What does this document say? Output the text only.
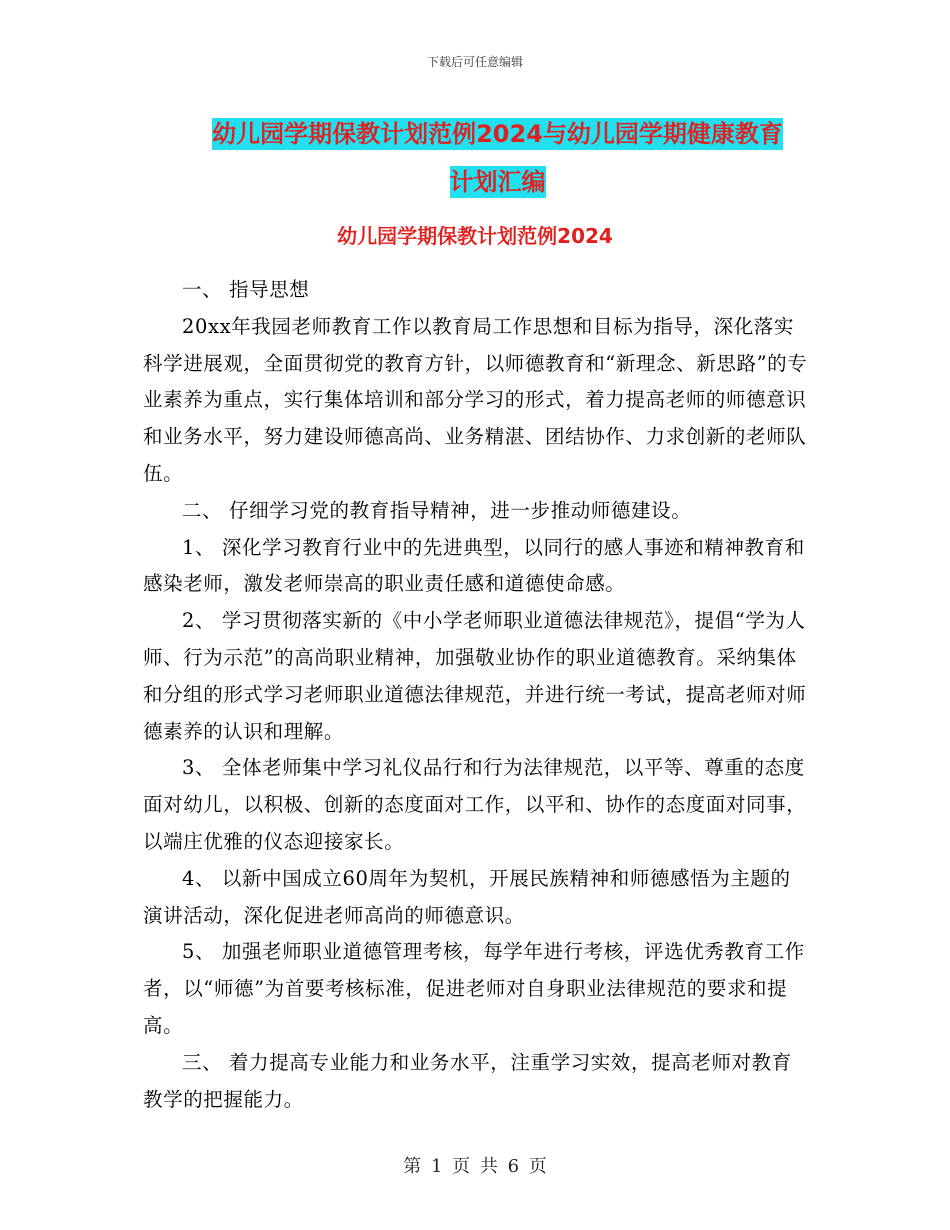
下载后可任意编辑
幼儿园学期保教计划范例2024与幼儿园学期健康教育
计划汇编
幼儿园学期保教计划范例2024

一、 指导思想

20xx年我园老师教育工作以教育局工作思想和目标为指导，深化落实科学进展观，全面贯彻党的教育方针，以师德教育和“新理念、新思路”的专业素养为重点，实行集体培训和部分学习的形式，着力提高老师的师德意识和业务水平，努力建设师德高尚、业务精湛、团结协作、力求创新的老师队伍。

二、 仔细学习党的教育指导精神，进一步推动师德建设。

1、 深化学习教育行业中的先进典型，以同行的感人事迹和精神教育和感染老师，激发老师崇高的职业责任感和道德使命感。

2、 学习贯彻落实新的《中小学老师职业道德法律规范》，提倡“学为人师、行为示范”的高尚职业精神，加强敬业协作的职业道德教育。采纳集体和分组的形式学习老师职业道德法律规范，并进行统一考试，提高老师对师德素养的认识和理解。

3、 全体老师集中学习礼仪品行和行为法律规范，以平等、尊重的态度面对幼儿，以积极、创新的态度面对工作，以平和、协作的态度面对同事，以端庄优雅的仪态迎接家长。

4、 以新中国成立60周年为契机，开展民族精神和师德感悟为主题的演讲活动，深化促进老师高尚的师德意识。

5、 加强老师职业道德管理考核，每学年进行考核，评选优秀教育工作者，以“师德”为首要考核标准，促进老师对自身职业法律规范的要求和提高。

三、 着力提高专业能力和业务水平，注重学习实效，提高老师对教育教学的把握能力。

第 1 页 共 6 页
